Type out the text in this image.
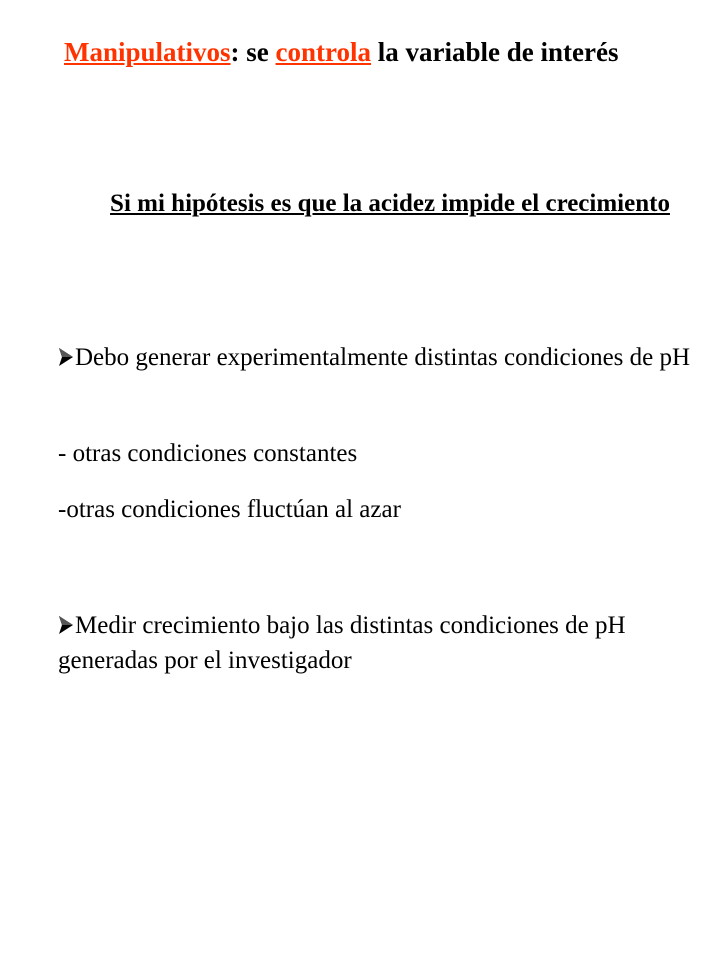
Manipulativos: se controla la variable de interés
Si mi hipótesis es que la acidez impide el crecimiento
Debo generar experimentalmente distintas condiciones de pH
- otras condiciones constantes
-otras condiciones fluctúan al azar
Medir crecimiento bajo las distintas condiciones de pH generadas por el investigador
